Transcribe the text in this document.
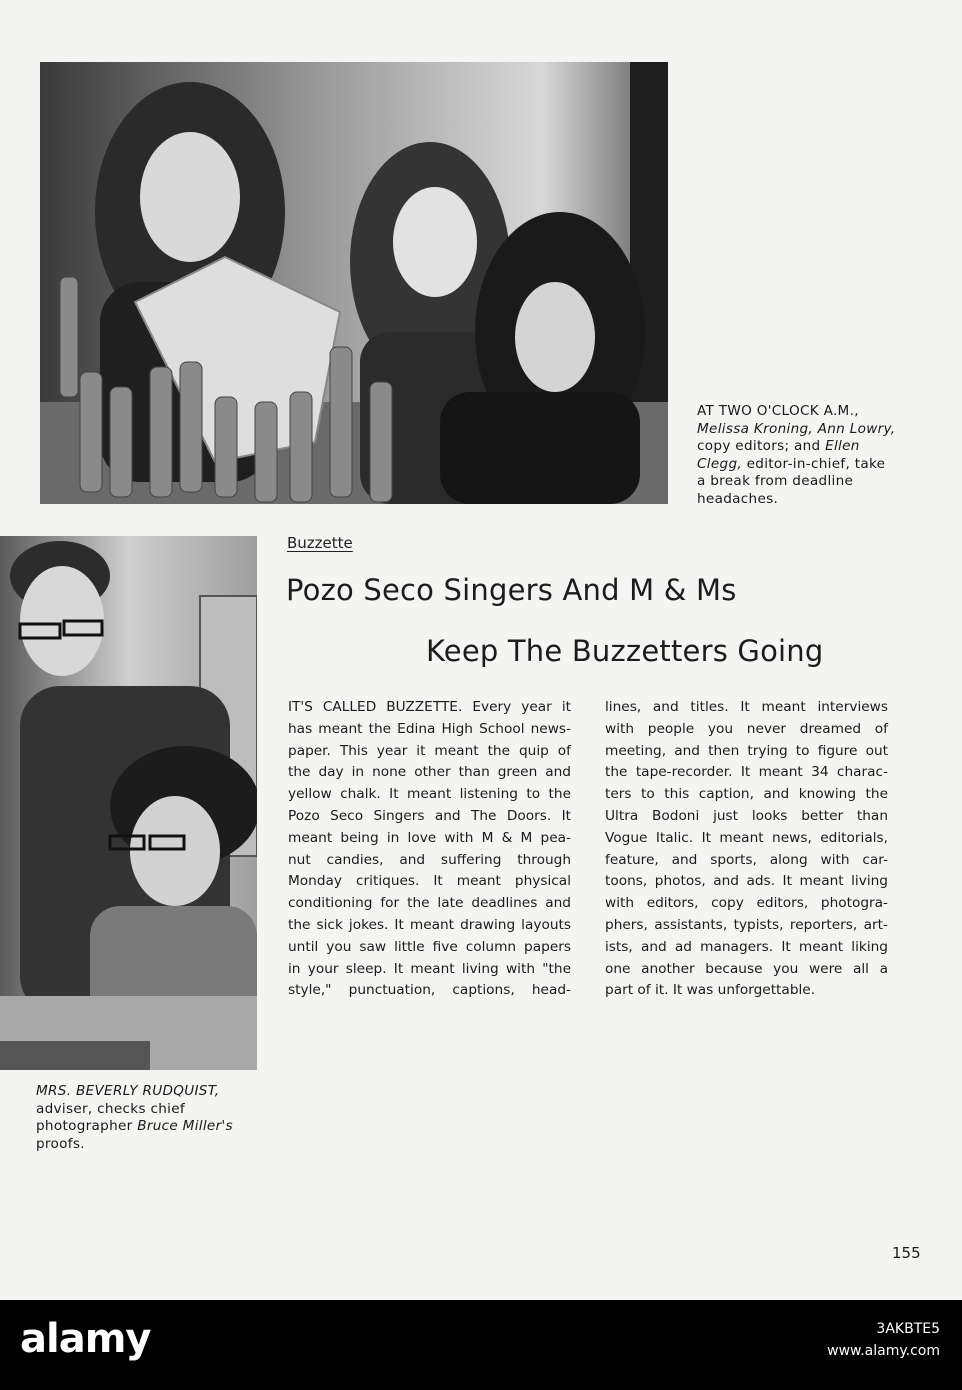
AT TWO O'CLOCK A.M., Melissa Kroning, Ann Lowry, copy editors; and Ellen Clegg, editor-in-chief, take a break from deadline headaches.

MRS. BEVERLY RUDQUIST, adviser, checks chief photographer Bruce Miller's proofs.

Buzzette
Pozo Seco Singers And M & Ms
Keep The Buzzetters Going
IT'S CALLED BUZZETTE. Every year it
has meant the Edina High School news-
paper. This year it meant the quip of
the day in none other than green and
yellow chalk. It meant listening to the
Pozo Seco Singers and The Doors. It
meant being in love with M & M pea-
nut candies, and suffering through
Monday critiques. It meant physical
conditioning for the late deadlines and
the sick jokes. It meant drawing layouts
until you saw little five column papers
in your sleep. It meant living with "the
style," punctuation, captions, head-
lines, and titles. It meant interviews
with people you never dreamed of
meeting, and then trying to figure out
the tape-recorder. It meant 34 charac-
ters to this caption, and knowing the
Ultra Bodoni just looks better than
Vogue Italic. It meant news, editorials,
feature, and sports, along with car-
toons, photos, and ads. It meant living
with editors, copy editors, photogra-
phers, assistants, typists, reporters, art-
ists, and ad managers. It meant liking
one another because you were all a
part of it. It was unforgettable.
155
alamy	3AKBTE5
www.alamy.com
